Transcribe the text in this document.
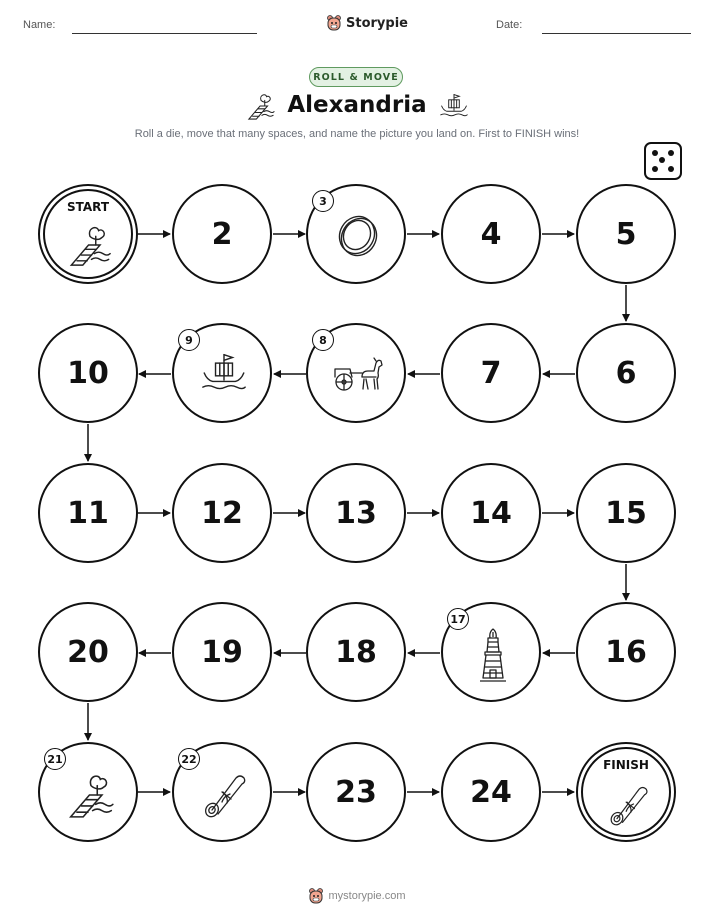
Name:	Storypie	Date:
ROLL & MOVE
Alexandria
Roll a die, move that many spaces, and name the picture you land on. First to FINISH wins!
START
2
3
4	5
6
7
8
9
10
11	12	13	14	15
16
17
18
19
20
21	22
23	24
FINISH
mystorypie.com
